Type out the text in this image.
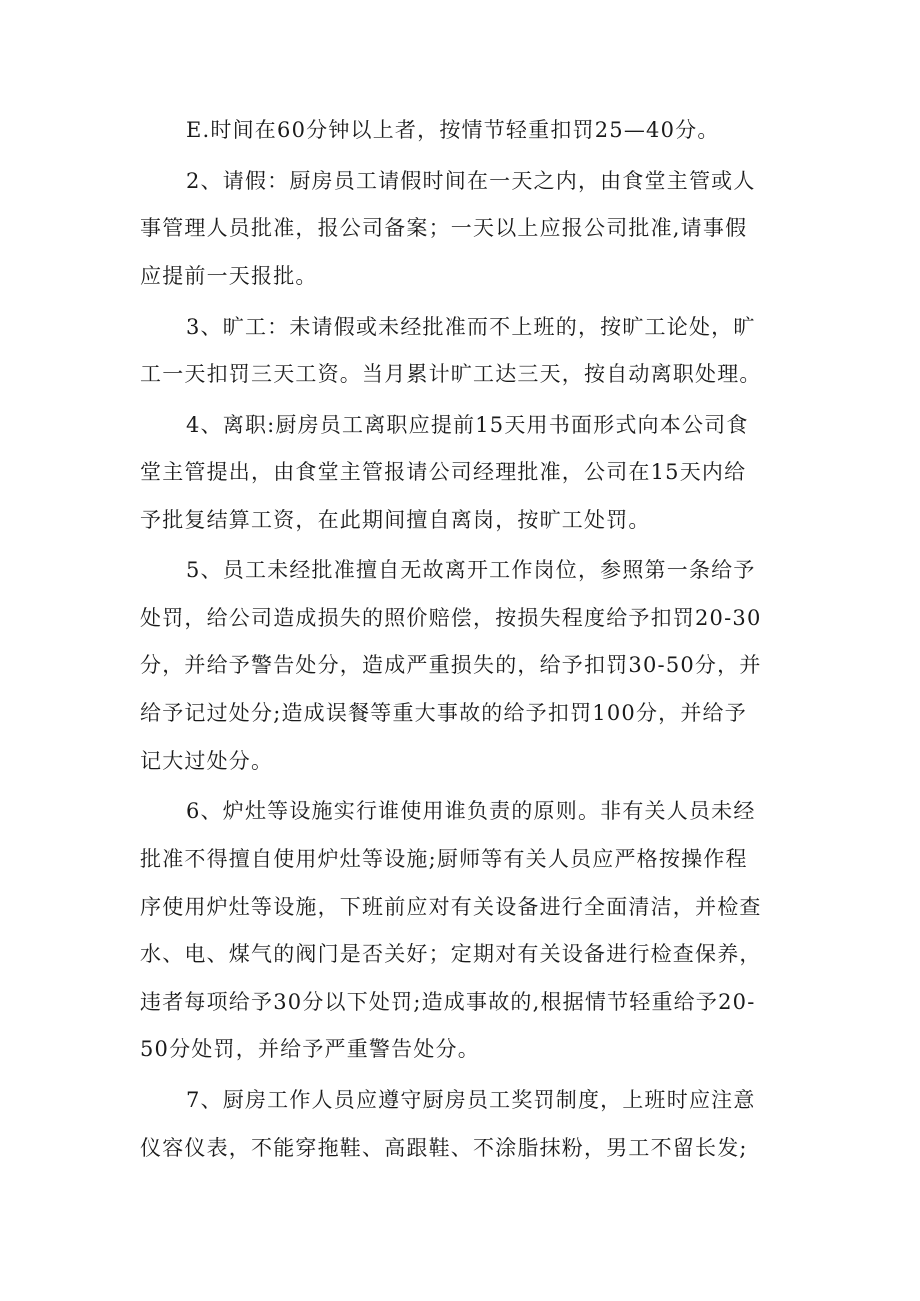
E.时间在60分钟以上者，按情节轻重扣罚25—40分。
2、请假：厨房员工请假时间在一天之内，由食堂主管或人
事管理人员批准，报公司备案；一天以上应报公司批准,请事假
应提前一天报批。
3、旷工：未请假或未经批准而不上班的，按旷工论处，旷
工一天扣罚三天工资。当月累计旷工达三天，按自动离职处理。
4、离职:厨房员工离职应提前15天用书面形式向本公司食
堂主管提出，由食堂主管报请公司经理批准，公司在15天内给
予批复结算工资，在此期间擅自离岗，按旷工处罚。
5、员工未经批准擅自无故离开工作岗位，参照第一条给予
处罚，给公司造成损失的照价赔偿，按损失程度给予扣罚20-30
分，并给予警告处分，造成严重损失的，给予扣罚30-50分，并
给予记过处分;造成误餐等重大事故的给予扣罚100分，并给予
记大过处分。
6、炉灶等设施实行谁使用谁负责的原则。非有关人员未经
批准不得擅自使用炉灶等设施;厨师等有关人员应严格按操作程
序使用炉灶等设施，下班前应对有关设备进行全面清洁，并检查
水、电、煤气的阀门是否关好；定期对有关设备进行检查保养，
违者每项给予30分以下处罚;造成事故的,根据情节轻重给予20-
50分处罚，并给予严重警告处分。
7、厨房工作人员应遵守厨房员工奖罚制度，上班时应注意
仪容仪表，不能穿拖鞋、高跟鞋、不涂脂抹粉，男工不留长发;
